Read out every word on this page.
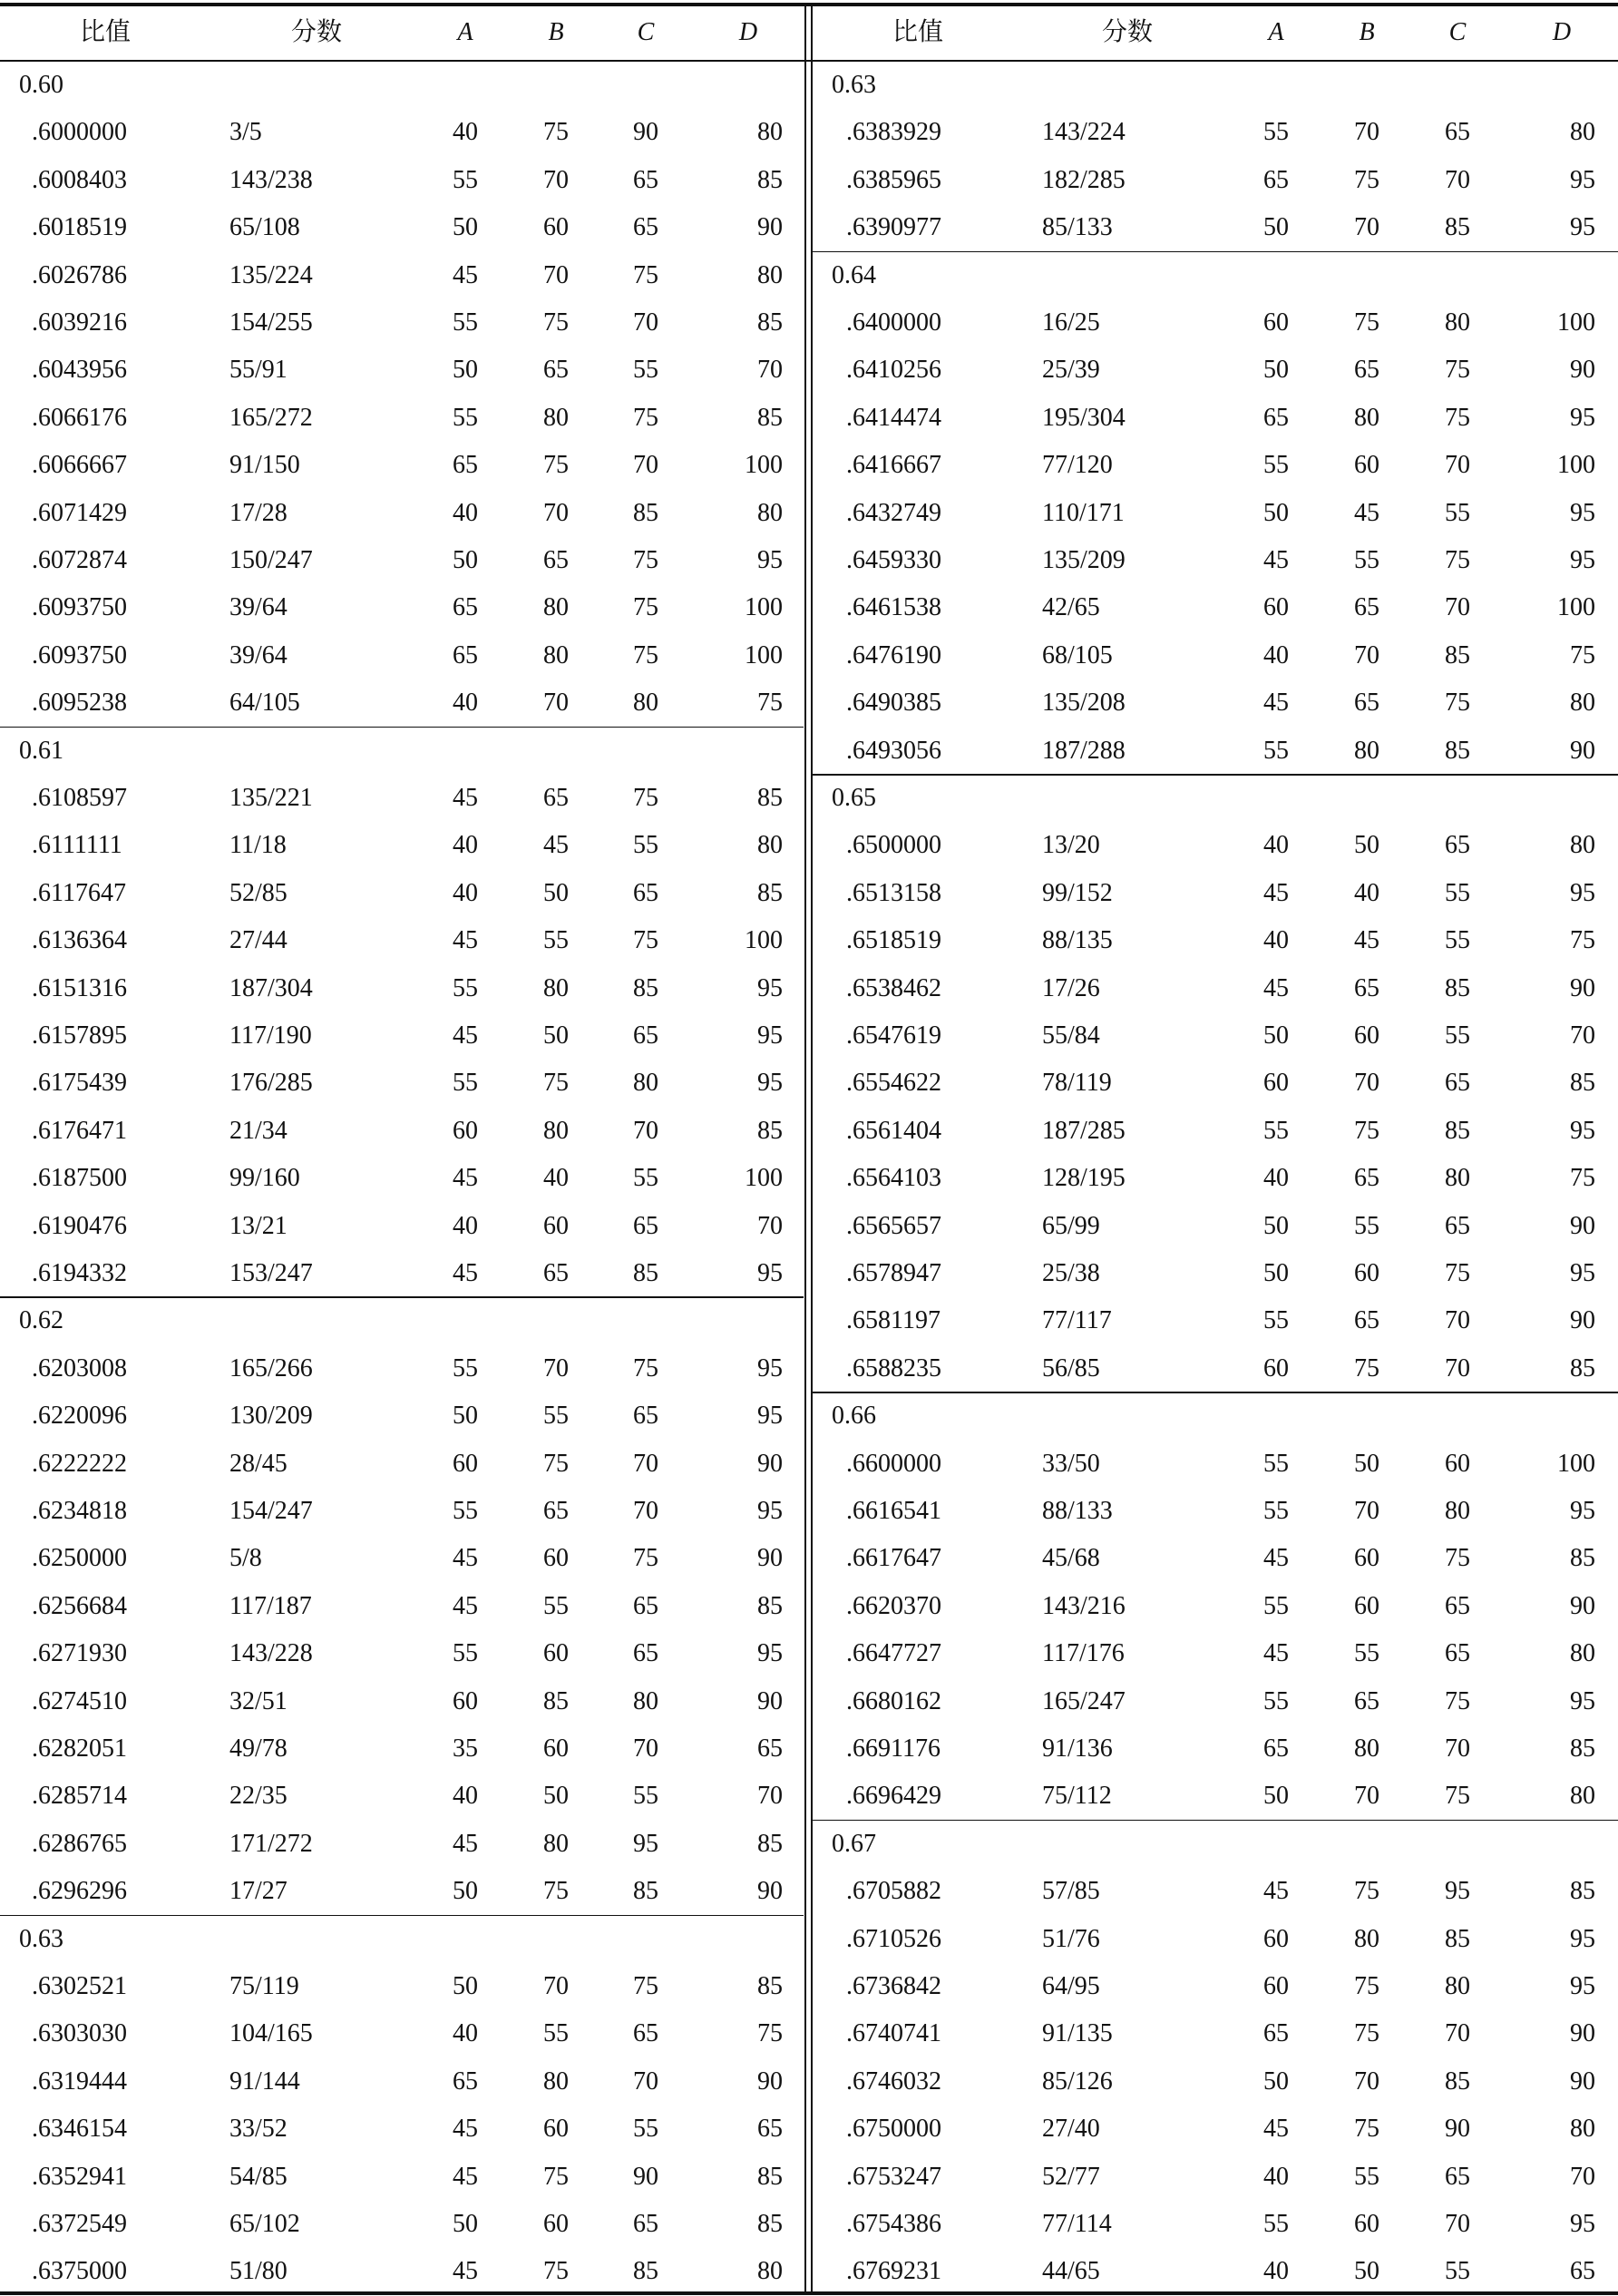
比值	分数	A	B	C	D
0.60
.6000000	3/5	40	75	90	80
.6008403	143/238	55	70	65	85
.6018519	65/108	50	60	65	90
.6026786	135/224	45	70	75	80
.6039216	154/255	55	75	70	85
.6043956	55/91	50	65	55	70
.6066176	165/272	55	80	75	85
.6066667	91/150	65	75	70	100
.6071429	17/28	40	70	85	80
.6072874	150/247	50	65	75	95
.6093750	39/64	65	80	75	100
.6093750	39/64	65	80	75	100
.6095238	64/105	40	70	80	75
0.61
.6108597	135/221	45	65	75	85
.6111111	11/18	40	45	55	80
.6117647	52/85	40	50	65	85
.6136364	27/44	45	55	75	100
.6151316	187/304	55	80	85	95
.6157895	117/190	45	50	65	95
.6175439	176/285	55	75	80	95
.6176471	21/34	60	80	70	85
.6187500	99/160	45	40	55	100
.6190476	13/21	40	60	65	70
.6194332	153/247	45	65	85	95
0.62
.6203008	165/266	55	70	75	95
.6220096	130/209	50	55	65	95
.6222222	28/45	60	75	70	90
.6234818	154/247	55	65	70	95
.6250000	5/8	45	60	75	90
.6256684	117/187	45	55	65	85
.6271930	143/228	55	60	65	95
.6274510	32/51	60	85	80	90
.6282051	49/78	35	60	70	65
.6285714	22/35	40	50	55	70
.6286765	171/272	45	80	95	85
.6296296	17/27	50	75	85	90
0.63
.6302521	75/119	50	70	75	85
.6303030	104/165	40	55	65	75
.6319444	91/144	65	80	70	90
.6346154	33/52	45	60	55	65
.6352941	54/85	45	75	90	85
.6372549	65/102	50	60	65	85
.6375000	51/80	45	75	85	80
比值	分数	A	B	C	D
0.63
.6383929	143/224	55	70	65	80
.6385965	182/285	65	75	70	95
.6390977	85/133	50	70	85	95
0.64
.6400000	16/25	60	75	80	100
.6410256	25/39	50	65	75	90
.6414474	195/304	65	80	75	95
.6416667	77/120	55	60	70	100
.6432749	110/171	50	45	55	95
.6459330	135/209	45	55	75	95
.6461538	42/65	60	65	70	100
.6476190	68/105	40	70	85	75
.6490385	135/208	45	65	75	80
.6493056	187/288	55	80	85	90
0.65
.6500000	13/20	40	50	65	80
.6513158	99/152	45	40	55	95
.6518519	88/135	40	45	55	75
.6538462	17/26	45	65	85	90
.6547619	55/84	50	60	55	70
.6554622	78/119	60	70	65	85
.6561404	187/285	55	75	85	95
.6564103	128/195	40	65	80	75
.6565657	65/99	50	55	65	90
.6578947	25/38	50	60	75	95
.6581197	77/117	55	65	70	90
.6588235	56/85	60	75	70	85
0.66
.6600000	33/50	55	50	60	100
.6616541	88/133	55	70	80	95
.6617647	45/68	45	60	75	85
.6620370	143/216	55	60	65	90
.6647727	117/176	45	55	65	80
.6680162	165/247	55	65	75	95
.6691176	91/136	65	80	70	85
.6696429	75/112	50	70	75	80
0.67
.6705882	57/85	45	75	95	85
.6710526	51/76	60	80	85	95
.6736842	64/95	60	75	80	95
.6740741	91/135	65	75	70	90
.6746032	85/126	50	70	85	90
.6750000	27/40	45	75	90	80
.6753247	52/77	40	55	65	70
.6754386	77/114	55	60	70	95
.6769231	44/65	40	50	55	65
